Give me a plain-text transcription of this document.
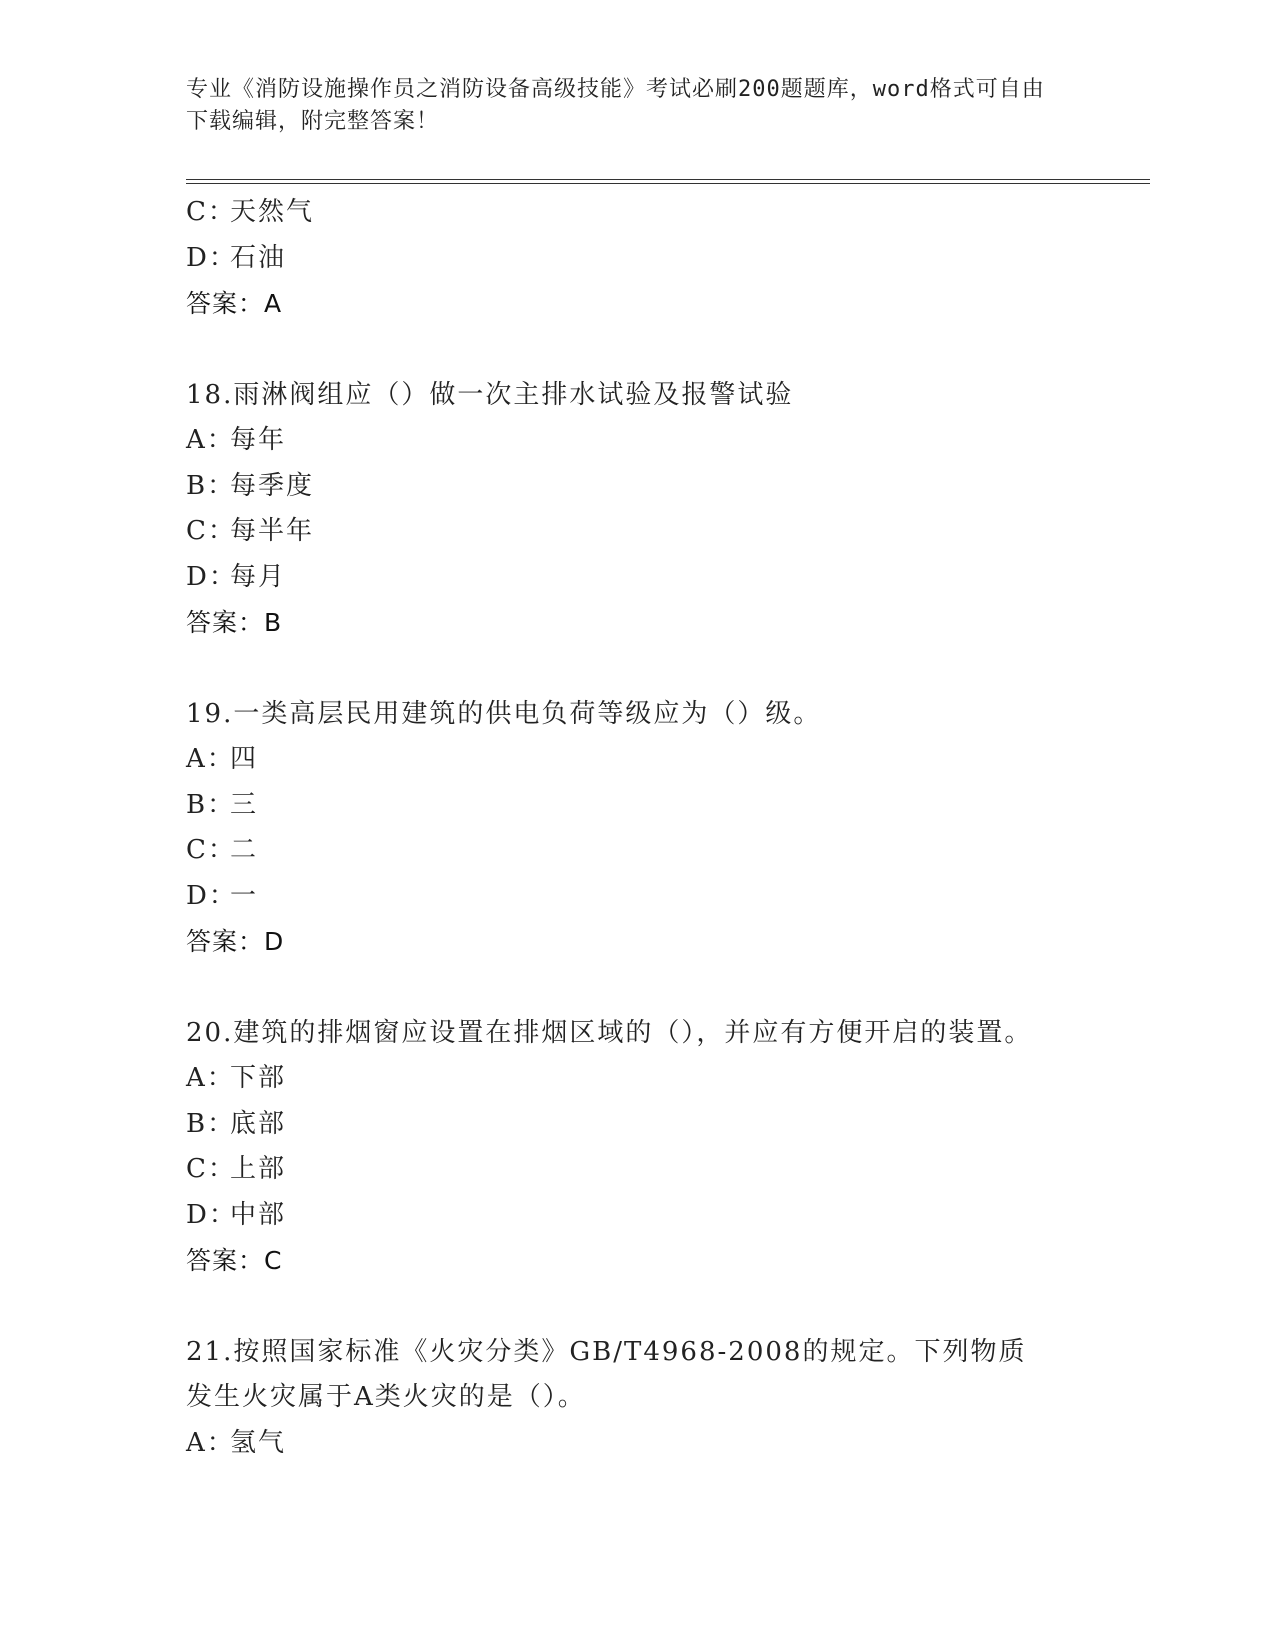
专业《消防设施操作员之消防设备高级技能》考试必刷200题题库，word格式可自由下载编辑，附完整答案！
C：天然气
D：石油
答案：A
18.雨淋阀组应（）做一次主排水试验及报警试验
A：每年
B：每季度
C：每半年
D：每月
答案：B
19.一类高层民用建筑的供电负荷等级应为（）级。
A：四
B：三
C：二
D：一
答案：D
20.建筑的排烟窗应设置在排烟区域的（），并应有方便开启的装置。
A：下部
B：底部
C：上部
D：中部
答案：C
21.按照国家标准《火灾分类》GB/T4968-2008的规定。下列物质发生火灾属于A类火灾的是（）。
A：氢气
